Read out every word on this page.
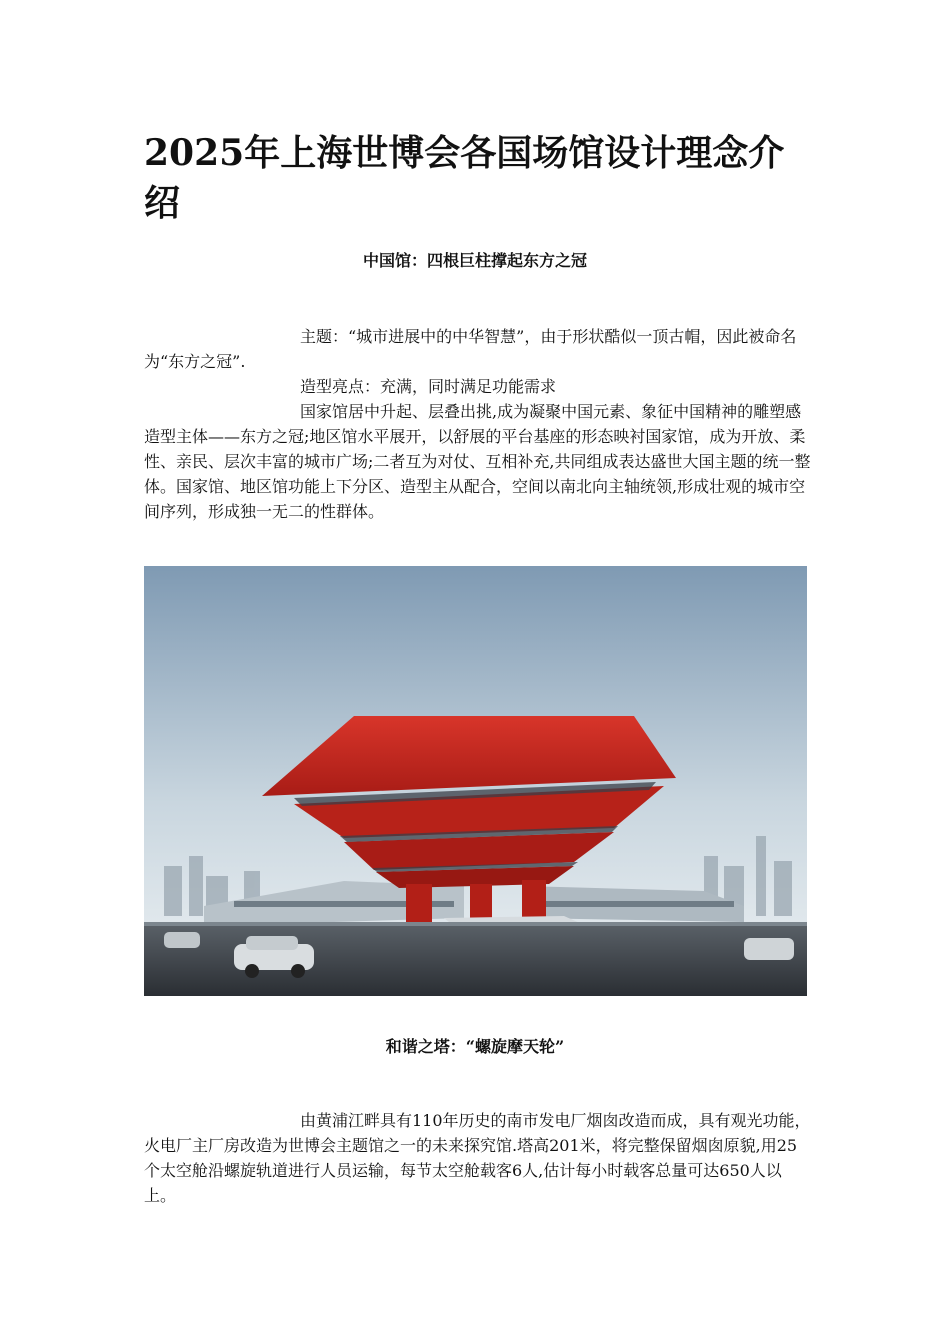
2025年上海世博会各国场馆设计理念介绍
中国馆：四根巨柱撑起东方之冠

主题：“城市进展中的中华智慧”，由于形状酷似一顶古帽，因此被命名为“东方之冠”.

造型亮点：充满，同时满足功能需求

国家馆居中升起、层叠出挑,成为凝聚中国元素、象征中国精神的雕塑感造型主体——东方之冠;地区馆水平展开，以舒展的平台基座的形态映衬国家馆，成为开放、柔性、亲民、层次丰富的城市广场;二者互为对仗、互相补充,共同组成表达盛世大国主题的统一整体。国家馆、地区馆功能上下分区、造型主从配合，空间以南北向主轴统领,形成壮观的城市空间序列，形成独一无二的性群体。

和谐之塔：“螺旋摩天轮”

由黄浦江畔具有110年历史的南市发电厂烟囱改造而成，具有观光功能，火电厂主厂房改造为世博会主题馆之一的未来探究馆.塔高201米，将完整保留烟囱原貌,用25个太空舱沿螺旋轨道进行人员运输，每节太空舱载客6人,估计每小时载客总量可达650人以上。
